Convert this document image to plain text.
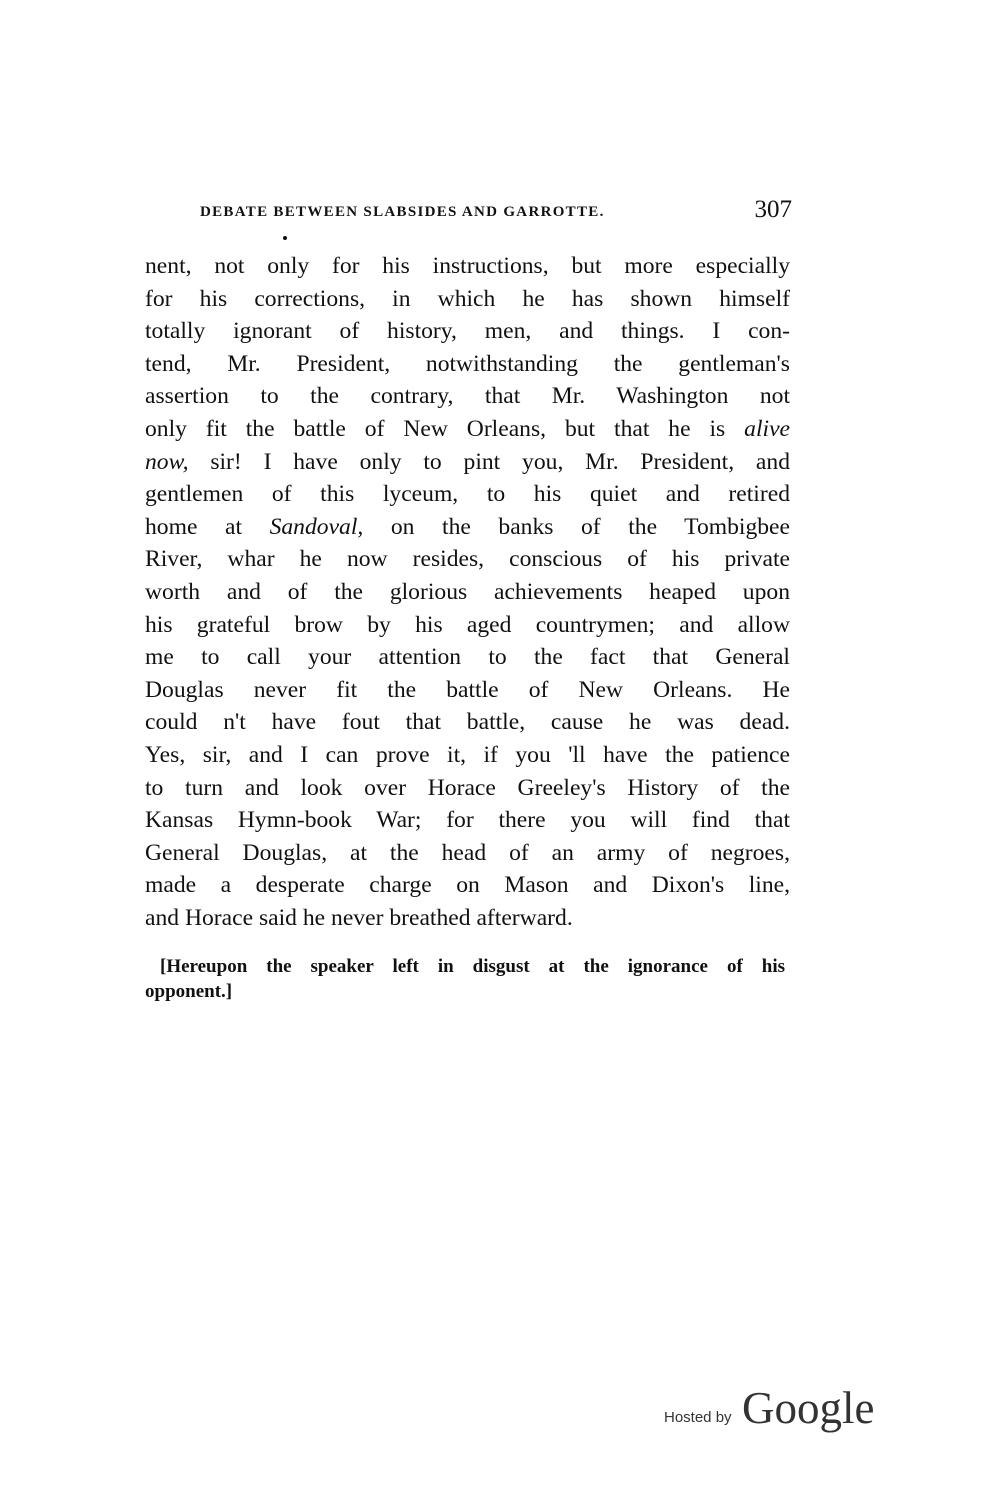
DEBATE BETWEEN SLABSIDES AND GARROTTE.	307
nent, not only for his instructions, but more especially
for his corrections, in which he has shown himself
totally ignorant of history, men, and things. I con-
tend, Mr. President, notwithstanding the gentleman's
assertion to the contrary, that Mr. Washington not
only fit the battle of New Orleans, but that he is alive
now, sir! I have only to pint you, Mr. President, and
gentlemen of this lyceum, to his quiet and retired
home at Sandoval, on the banks of the Tombigbee
River, whar he now resides, conscious of his private
worth and of the glorious achievements heaped upon
his grateful brow by his aged countrymen; and allow
me to call your attention to the fact that General
Douglas never fit the battle of New Orleans. He
could n't have fout that battle, cause he was dead.
Yes, sir, and I can prove it, if you 'll have the patience
to turn and look over Horace Greeley's History of the
Kansas Hymn-book War; for there you will find that
General Douglas, at the head of an army of negroes,
made a desperate charge on Mason and Dixon's line,
and Horace said he never breathed afterward.
[Hereupon the speaker left in disgust at the ignorance of his
opponent.]
Hosted by Google
